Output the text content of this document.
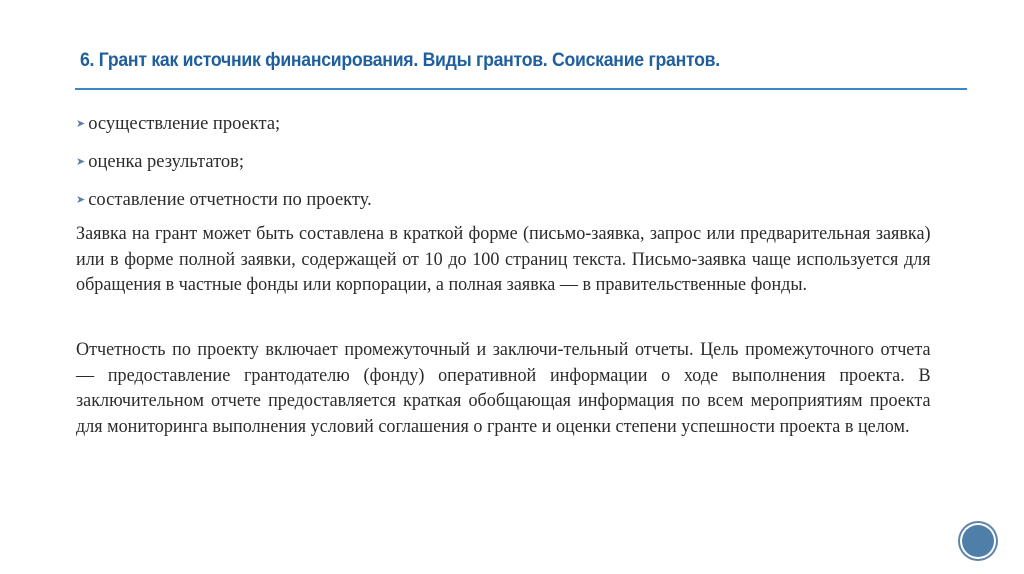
6. Грант как источник финансирования. Виды грантов. Соискание грантов.
➤ осуществление проекта;
➤ оценка результатов;
➤ составление отчетности по проекту.

Заявка на грант может быть составлена в краткой форме (письмо-заявка, запрос или предварительная заявка) или в форме полной заявки, содержащей от 10 до 100 страниц текста. Письмо-заявка чаще используется для обращения в частные фонды или корпорации, а полная заявка — в правительственные фонды.

Отчетность по проекту включает промежуточный и заключи-тельный отчеты. Цель промежуточного отчета — предоставление грантодателю (фонду) оперативной информации о ходе выполнения проекта. В заключительном отчете предоставляется краткая обобщающая информация по всем мероприятиям проекта для мониторинга выполнения условий соглашения о гранте и оценки степени успешности проекта в целом.
